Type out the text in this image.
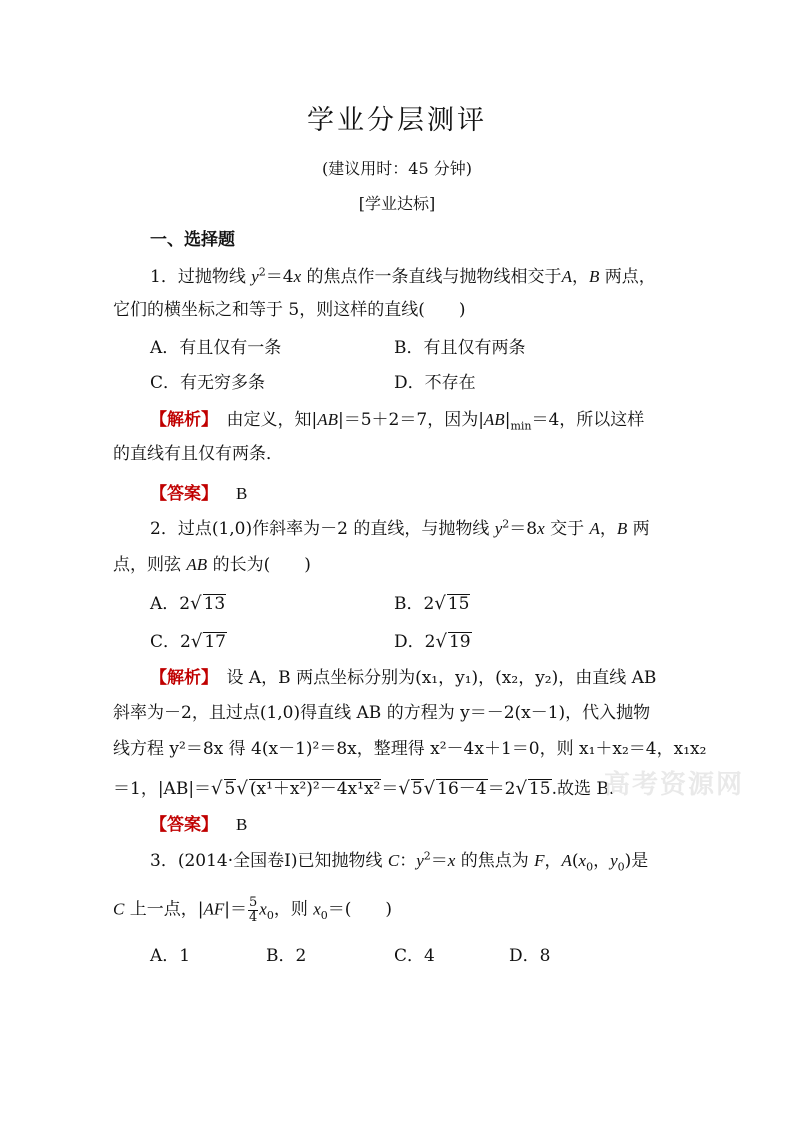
学业分层测评
(建议用时：45 分钟)
[学业达标]
一、选择题
1．过抛物线 $y^2=4x$ 的焦点作一条直线与抛物线相交于A，B 两点，
它们的横坐标之和等于 5，则这样的直线(　　)
A．有且仅有一条	B．有且仅有两条
C．有无穷多条	D．不存在
【解析】　由定义，知|AB|＝5＋2＝7，因为$|AB|_{min}=4$，所以这样
的直线有且仅有两条．
【答案】 B
2．过点(1,0)作斜率为－2 的直线，与抛物线 $y^2=8x$ 交于 A，B 两
点，则弦 AB 的长为(　　)
A．2√ 13	B．2√ 15
C．2√ 17	D．2√ 19
【解析】　设 A，B 两点坐标分别为(x₁，y₁)，(x₂，y₂)，由直线 AB
斜率为－2，且过点(1,0)得直线 AB 的方程为 y＝－2(x－1)，代入抛物
线方程 y²＝8x 得 4(x－1)²＝8x，整理得 x²－4x＋1＝0，则 x₁＋x₂＝4，x₁x₂
＝1，|AB|＝√ 5√ (x¹＋x²)²－4x¹x²＝√ 5√ 16－4＝2√ 15.故选 B.
高考资源网
【答案】 B
3．(2014·全国卷Ⅰ)已知抛物线 C：$y^2=x$ 的焦点为 F，$A(x_0$，$y_0$)是
C 上一点，$|AF|= \frac{5}{4} x_0$，则 $x_0=$(　　)
A．1	B．2	C．4	D．8
